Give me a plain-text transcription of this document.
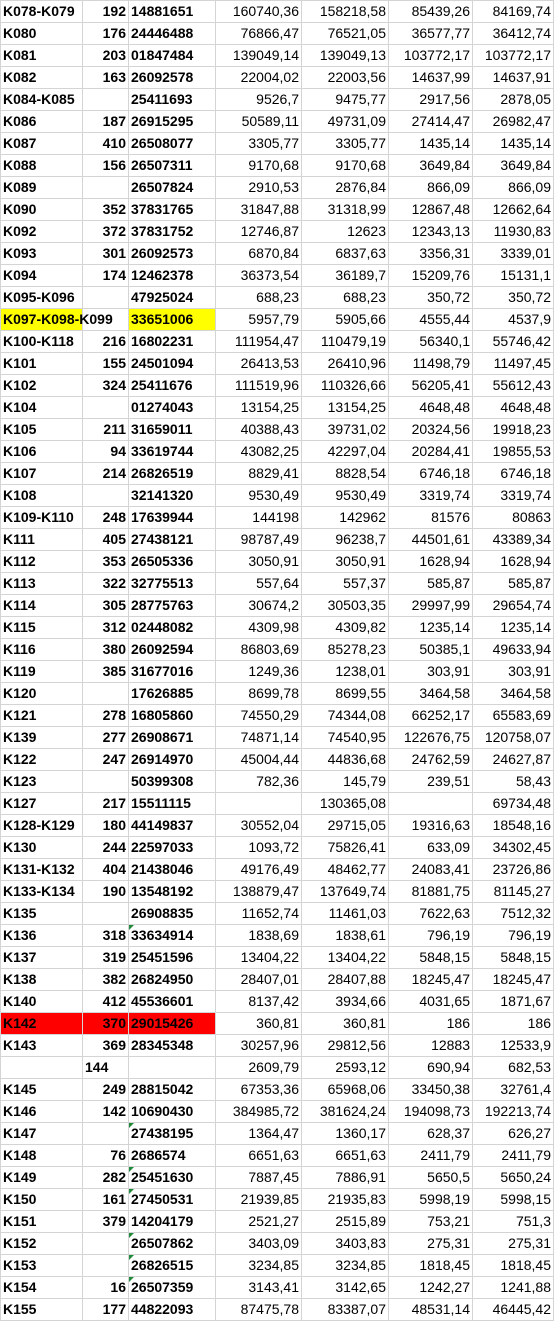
K078-K079	192	14881651	160740,36	158218,58	85439,26	84169,74
K080	176	24446488	76866,47	76521,05	36577,77	36412,74
K081	203	01847484	139049,14	139049,13	103772,17	103772,17
K082	163	26092578	22004,02	22003,56	14637,99	14637,91
K084-K085		25411693	9526,7	9475,77	2917,56	2878,05
K086	187	26915295	50589,11	49731,09	27414,47	26982,47
K087	410	26508077	3305,77	3305,77	1435,14	1435,14
K088	156	26507311	9170,68	9170,68	3649,84	3649,84
K089		26507824	2910,53	2876,84	866,09	866,09
K090	352	37831765	31847,88	31318,99	12867,48	12662,64
K092	372	37831752	12746,87	12623	12343,13	11930,83
K093	301	26092573	6870,84	6837,63	3356,31	3339,01
K094	174	12462378	36373,54	36189,7	15209,76	15131,1
K095-K096		47925024	688,23	688,23	350,72	350,72
K097-K098-K099		33651006	5957,79	5905,66	4555,44	4537,9
K100-K118	216	16802231	111954,47	110479,19	56340,1	55746,42
K101	155	24501094	26413,53	26410,96	11498,79	11497,45
K102	324	25411676	111519,96	110326,66	56205,41	55612,43
K104		01274043	13154,25	13154,25	4648,48	4648,48
K105	211	31659011	40388,43	39731,02	20324,56	19918,23
K106	94	33619744	43082,25	42297,04	20284,41	19855,53
K107	214	26826519	8829,41	8828,54	6746,18	6746,18
K108		32141320	9530,49	9530,49	3319,74	3319,74
K109-K110	248	17639944	144198	142962	81576	80863
K111	405	27438121	98787,49	96238,7	44501,61	43389,34
K112	353	26505336	3050,91	3050,91	1628,94	1628,94
K113	322	32775513	557,64	557,37	585,87	585,87
K114	305	28775763	30674,2	30503,35	29997,99	29654,74
K115	312	02448082	4309,98	4309,82	1235,14	1235,14
K116	380	26092594	86803,69	85278,23	50385,1	49633,94
K119	385	31677016	1249,36	1238,01	303,91	303,91
K120		17626885	8699,78	8699,55	3464,58	3464,58
K121	278	16805860	74550,29	74344,08	66252,17	65583,69
K139	277	26908671	74871,14	74540,95	122676,75	120758,07
K122	247	26914970	45004,44	44836,68	24762,59	24627,87
K123		50399308	782,36	145,79	239,51	58,43
K127	217	15511115		130365,08		69734,48
K128-K129	180	44149837	30552,04	29715,05	19316,63	18548,16
K130	244	22597033	1093,72	75826,41	633,09	34302,45
K131-K132	404	21438046	49176,49	48462,77	24083,41	23726,86
K133-K134	190	13548192	138879,47	137649,74	81881,75	81145,27
K135		26908835	11652,74	11461,03	7622,63	7512,32
K136	318	33634914	1838,69	1838,61	796,19	796,19
K137	319	25451596	13404,22	13404,22	5848,15	5848,15
K138	382	26824950	28407,01	28407,88	18245,47	18245,47
K140	412	45536601	8137,42	3934,66	4031,65	1871,67
K142	370	29015426	360,81	360,81	186	186
K143	369	28345348	30257,96	29812,56	12883	12533,9
	144		2609,79	2593,12	690,94	682,53
K145	249	28815042	67353,36	65968,06	33450,38	32761,4
K146	142	10690430	384985,72	381624,24	194098,73	192213,74
K147		27438195	1364,47	1360,17	628,37	626,27
K148	76	2686574	6651,63	6651,63	2411,79	2411,79
K149	282	25451630	7887,45	7886,91	5650,5	5650,24
K150	161	27450531	21939,85	21935,83	5998,19	5998,15
K151	379	14204179	2521,27	2515,89	753,21	751,3
K152		26507862	3403,09	3403,83	275,31	275,31
K153		26826515	3234,85	3234,85	1818,45	1818,45
K154	16	26507359	3143,41	3142,65	1242,27	1241,88
K155	177	44822093	87475,78	83387,07	48531,14	46445,42
